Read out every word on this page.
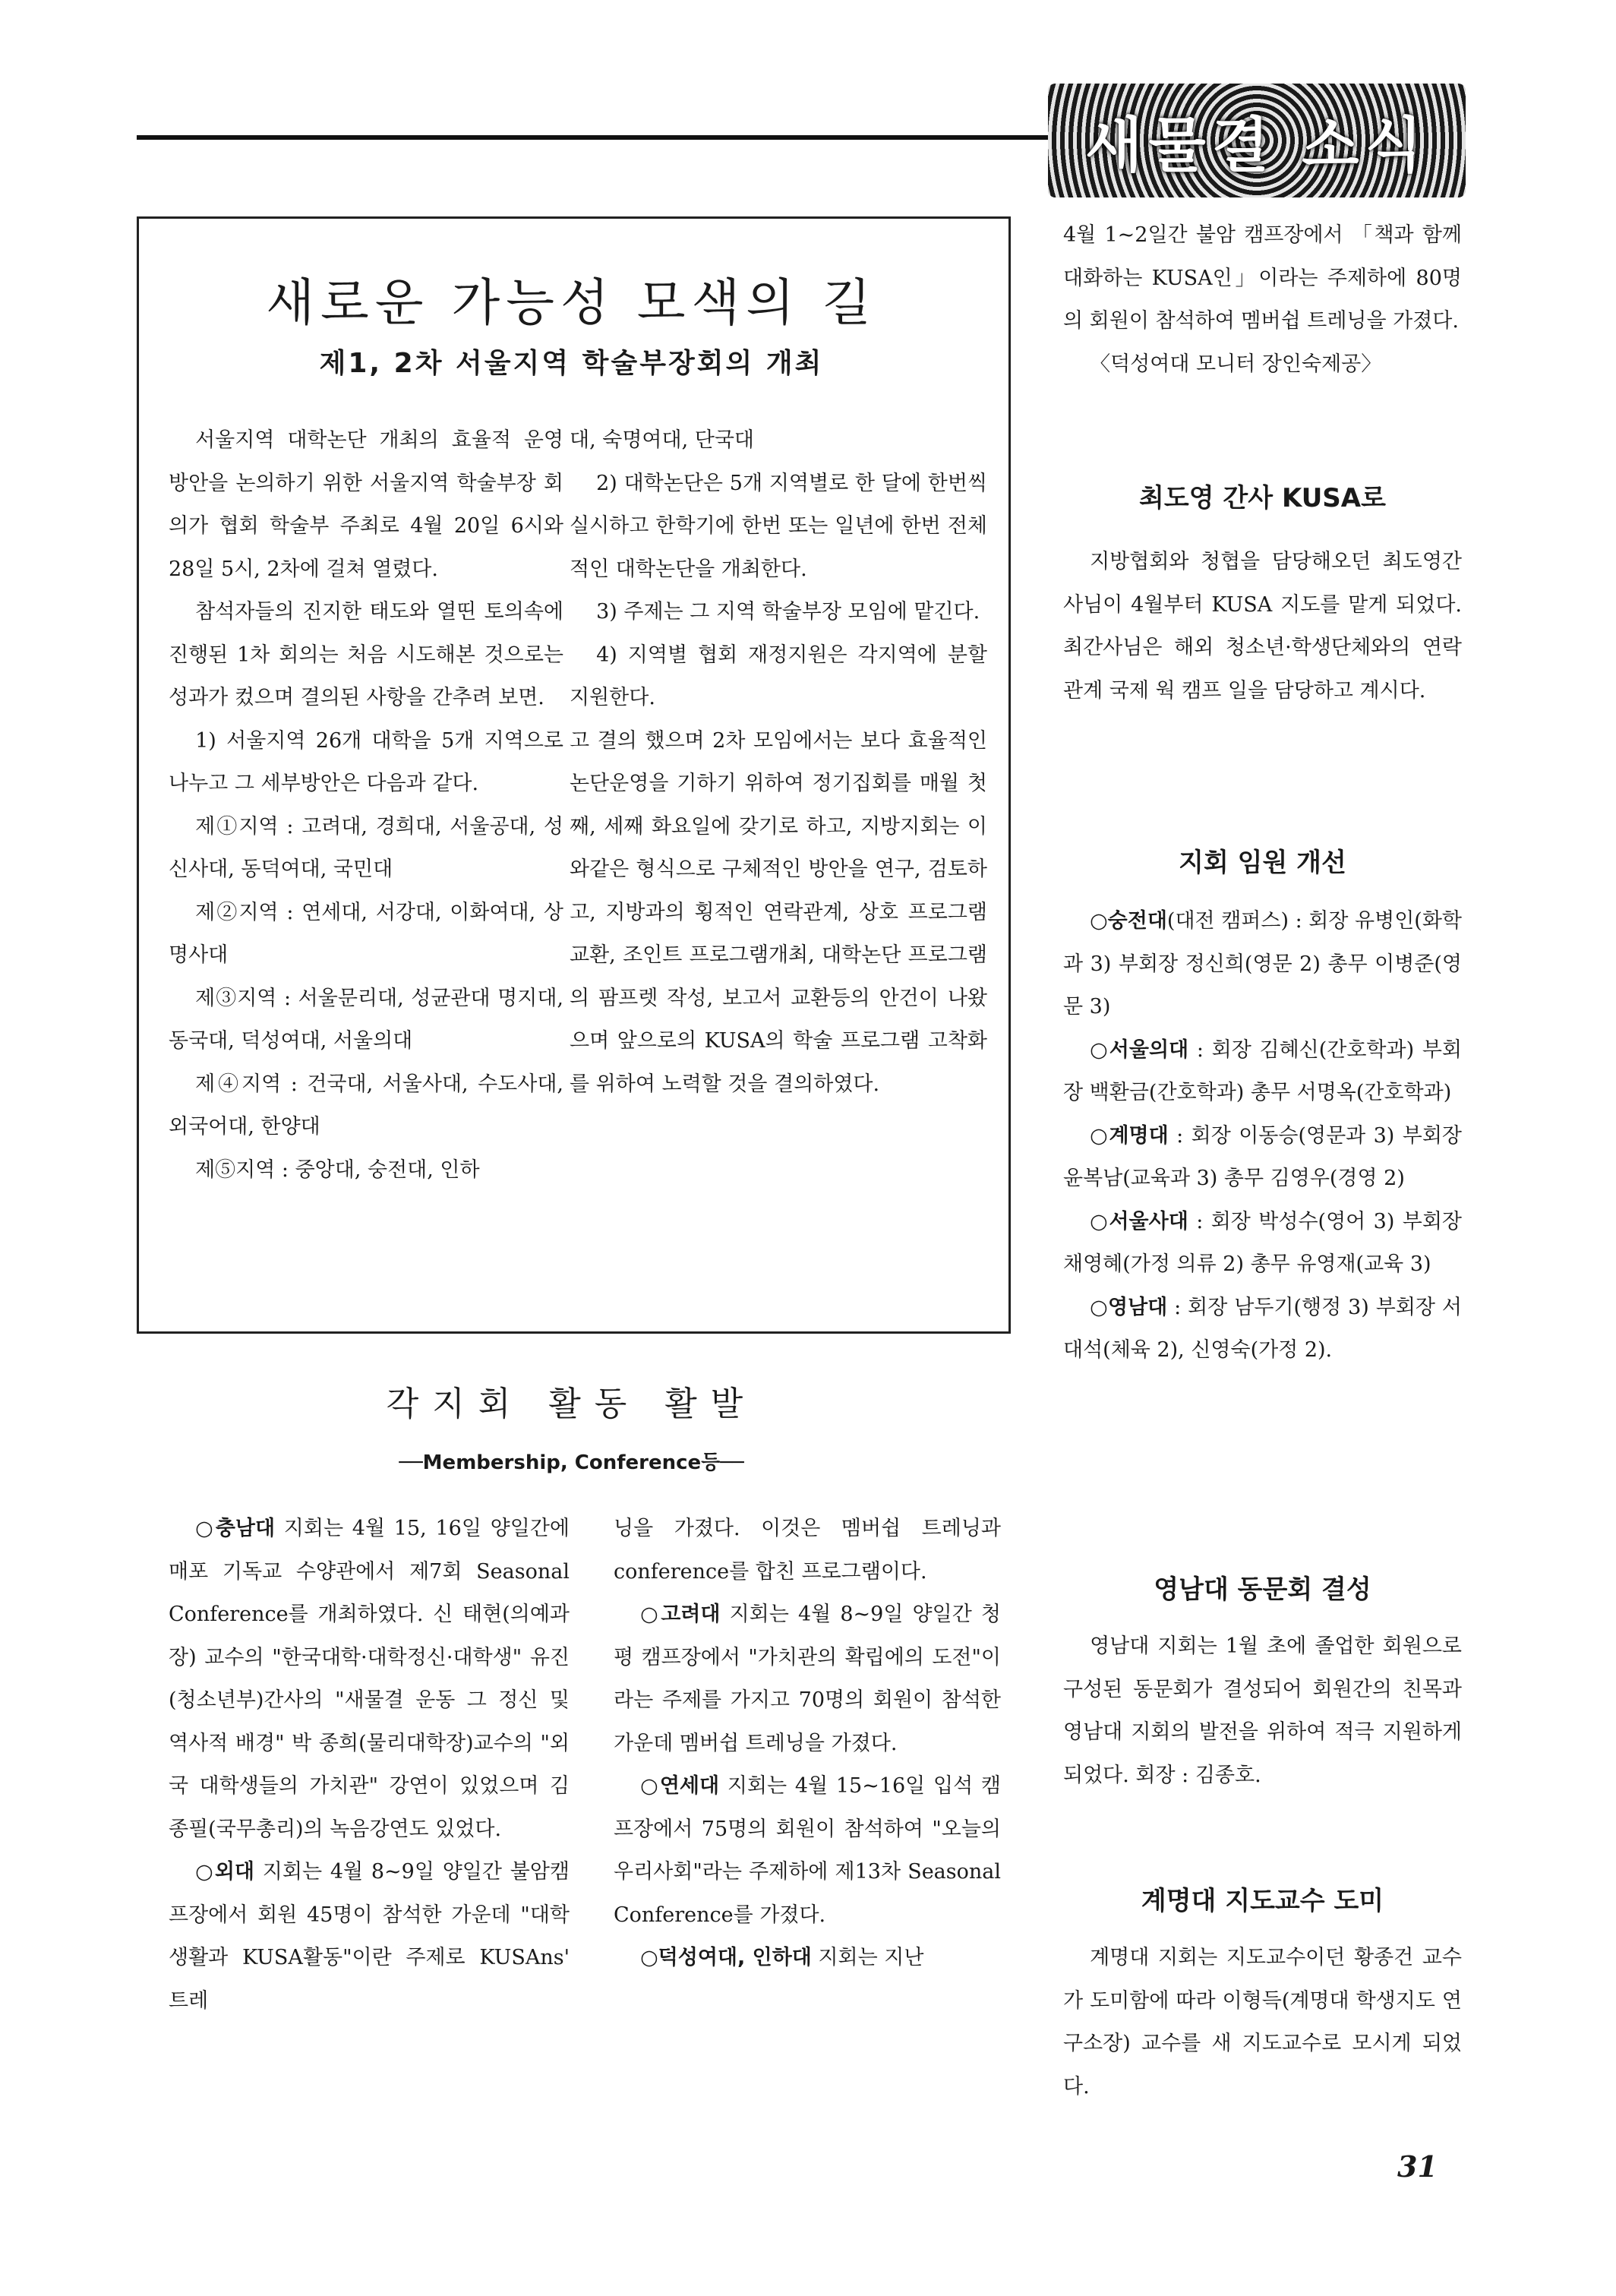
새물결 소식
새로운 가능성 모색의 길
제1, 2차 서울지역 학술부장회의 개최

서울지역 대학논단 개최의 효율적 운영 방안을 논의하기 위한 서울지역 학술부장 회의가 협회 학술부 주최로 4월 20일 6시와 28일 5시, 2차에 걸쳐 열렸다.

참석자들의 진지한 태도와 열띤 토의속에 진행된 1차 회의는 처음 시도해본 것으로는 성과가 컸으며 결의된 사항을 간추려 보면.

1) 서울지역 26개 대학을 5개 지역으로 나누고 그 세부방안은 다음과 같다.

제①지역 : 고려대, 경희대, 서울공대, 성신사대, 동덕여대, 국민대

제②지역 : 연세대, 서강대, 이화여대, 상명사대

제③지역 : 서울문리대, 성균관대 명지대, 동국대, 덕성여대, 서울의대

제④지역 : 건국대, 서울사대, 수도사대, 외국어대, 한양대

제⑤지역 : 중앙대, 숭전대, 인하

대, 숙명여대, 단국대

2) 대학논단은 5개 지역별로 한 달에 한번씩 실시하고 한학기에 한번 또는 일년에 한번 전체적인 대학논단을 개최한다.

3) 주제는 그 지역 학술부장 모임에 맡긴다.

4) 지역별 협회 재정지원은 각지역에 분할 지원한다.

고 결의 했으며 2차 모임에서는 보다 효율적인 논단운영을 기하기 위하여 정기집회를 매월 첫째, 세째 화요일에 갖기로 하고, 지방지회는 이와같은 형식으로 구체적인 방안을 연구, 검토하고, 지방과의 횡적인 연락관계, 상호 프로그램교환, 조인트 프로그램개최, 대학논단 프로그램의 팜프렛 작성, 보고서 교환등의 안건이 나왔으며 앞으로의 KUSA의 학술 프로그램 고착화를 위하여 노력할 것을 결의하였다.

각지회 활동 활발
──Membership, Conference등──

○충남대 지회는 4월 15, 16일 양일간에 매포 기독교 수양관에서 제7회 Seasonal Conference를 개최하였다. 신 태현(의예과장) 교수의 "한국대학·대학정신·대학생" 유진(청소년부)간사의 "새물결 운동 그 정신 및 역사적 배경" 박 종희(물리대학장)교수의 "외국 대학생들의 가치관" 강연이 있었으며 김 종필(국무총리)의 녹음강연도 있었다.

○외대 지회는 4월 8~9일 양일간 불암캠프장에서 회원 45명이 참석한 가운데 "대학생활과 KUSA활동"이란 주제로 KUSAns' 트레

닝을 가졌다. 이것은 멤버쉽 트레닝과 conference를 합친 프로그램이다.

○고려대 지회는 4월 8~9일 양일간 청평 캠프장에서 "가치관의 확립에의 도전"이라는 주제를 가지고 70명의 회원이 참석한 가운데 멤버쉽 트레닝을 가졌다.

○연세대 지회는 4월 15~16일 입석 캠프장에서 75명의 회원이 참석하여 "오늘의 우리사회"라는 주제하에 제13차 Seasonal Conference를 가졌다.

○덕성여대, 인하대 지회는 지난

4월 1~2일간 불암 캠프장에서 「책과 함께 대화하는 KUSA인」이라는 주제하에 80명의 회원이 참석하여 멤버쉽 트레닝을 가졌다.

〈덕성여대 모니터 장인숙제공〉

최도영 간사 KUSA로

지방협회와 청협을 담당해오던 최도영간사님이 4월부터 KUSA 지도를 맡게 되었다. 최간사님은 해외 청소년·학생단체와의 연락관계 국제 웍 캠프 일을 담당하고 계시다.

지회 임원 개선

○숭전대(대전 캠퍼스) : 회장 유병인(화학과 3) 부회장 정신희(영문 2) 총무 이병준(영문 3)

○서울의대 : 회장 김혜신(간호학과) 부회장 백환금(간호학과) 총무 서명옥(간호학과)

○계명대 : 회장 이동승(영문과 3) 부회장 윤복남(교육과 3) 총무 김영우(경영 2)

○서울사대 : 회장 박성수(영어 3) 부회장 채영혜(가정 의류 2) 총무 유영재(교육 3)

○영남대 : 회장 남두기(행정 3) 부회장 서대석(체육 2), 신영숙(가정 2).

영남대 동문회 결성

영남대 지회는 1월 초에 졸업한 회원으로 구성된 동문회가 결성되어 회원간의 친목과 영남대 지회의 발전을 위하여 적극 지원하게 되었다. 회장 : 김종호.

계명대 지도교수 도미

계명대 지회는 지도교수이던 황종건 교수가 도미함에 따라 이형득(계명대 학생지도 연구소장) 교수를 새 지도교수로 모시게 되었다.

31
